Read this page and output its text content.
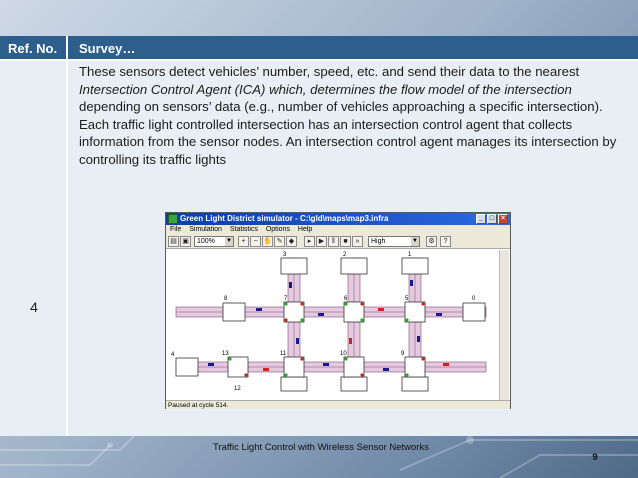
Ref. No.	Survey…
4
These sensors detect vehicles’ number, speed, etc. and send their data to the nearest Intersection Control Agent (ICA) which, determines the flow model of the intersection depending on sensors’ data (e.g., number of vehicles approaching a specific intersection).
Each traffic light controlled intersection has an intersection control agent that collects information from the sensor nodes. An intersection control agent manages its intersection by controlling its traffic lights
Green Light District simulator - C:\gld\maps\map3.infra	_ □ ×
File Simulation Statistics Options Help
▤ ▣	100% ▼	+	− ✋ ✎ ◆	▸	▶	‖	■	»	High	▼	⚙	?
3	2	1
8	7	6	5	0
4	13	11	10	9
12
Paused at cycle 514.
Traffic Light Control with Wireless Sensor Networks
9
